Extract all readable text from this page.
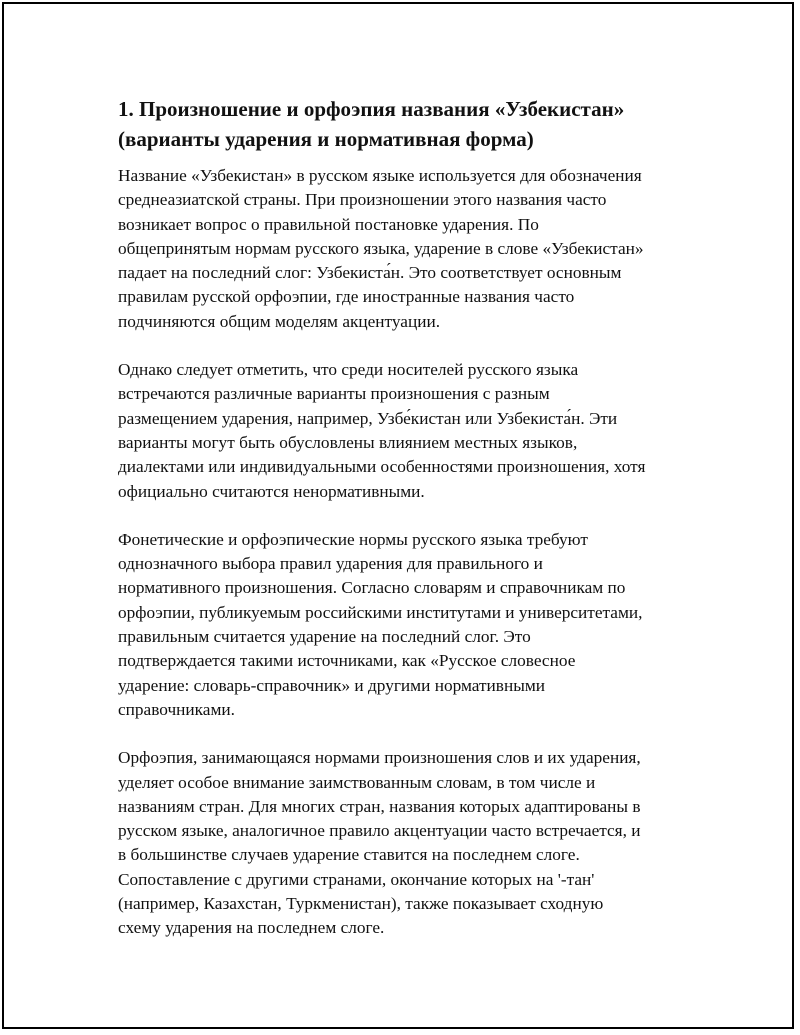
1. Произношение и орфоэпия названия «Узбекистан»
(варианты ударения и нормативная форма)

Название «Узбекистан» в русском языке используется для обозначения
среднеазиатской страны. При произношении этого названия часто
возникает вопрос о правильной постановке ударения. По
общепринятым нормам русского языка, ударение в слове «Узбекистан»
падает на последний слог: Узбекиста́н. Это соответствует основным
правилам русской орфоэпии, где иностранные названия часто
подчиняются общим моделям акцентуации.

Однако следует отметить, что среди носителей русского языка
встречаются различные варианты произношения с разным
размещением ударения, например, Узбе́кистан или Узбекиста́н. Эти
варианты могут быть обусловлены влиянием местных языков,
диалектами или индивидуальными особенностями произношения, хотя
официально считаются ненормативными.

Фонетические и орфоэпические нормы русского языка требуют
однозначного выбора правил ударения для правильного и
нормативного произношения. Согласно словарям и справочникам по
орфоэпии, публикуемым российскими институтами и университетами,
правильным считается ударение на последний слог. Это
подтверждается такими источниками, как «Русское словесное
ударение: словарь-справочник» и другими нормативными
справочниками.

Орфоэпия, занимающаяся нормами произношения слов и их ударения,
уделяет особое внимание заимствованным словам, в том числе и
названиям стран. Для многих стран, названия которых адаптированы в
русском языке, аналогичное правило акцентуации часто встречается, и
в большинстве случаев ударение ставится на последнем слоге.
Сопоставление с другими странами, окончание которых на '-тан'
(например, Казахстан, Туркменистан), также показывает сходную
схему ударения на последнем слоге.
